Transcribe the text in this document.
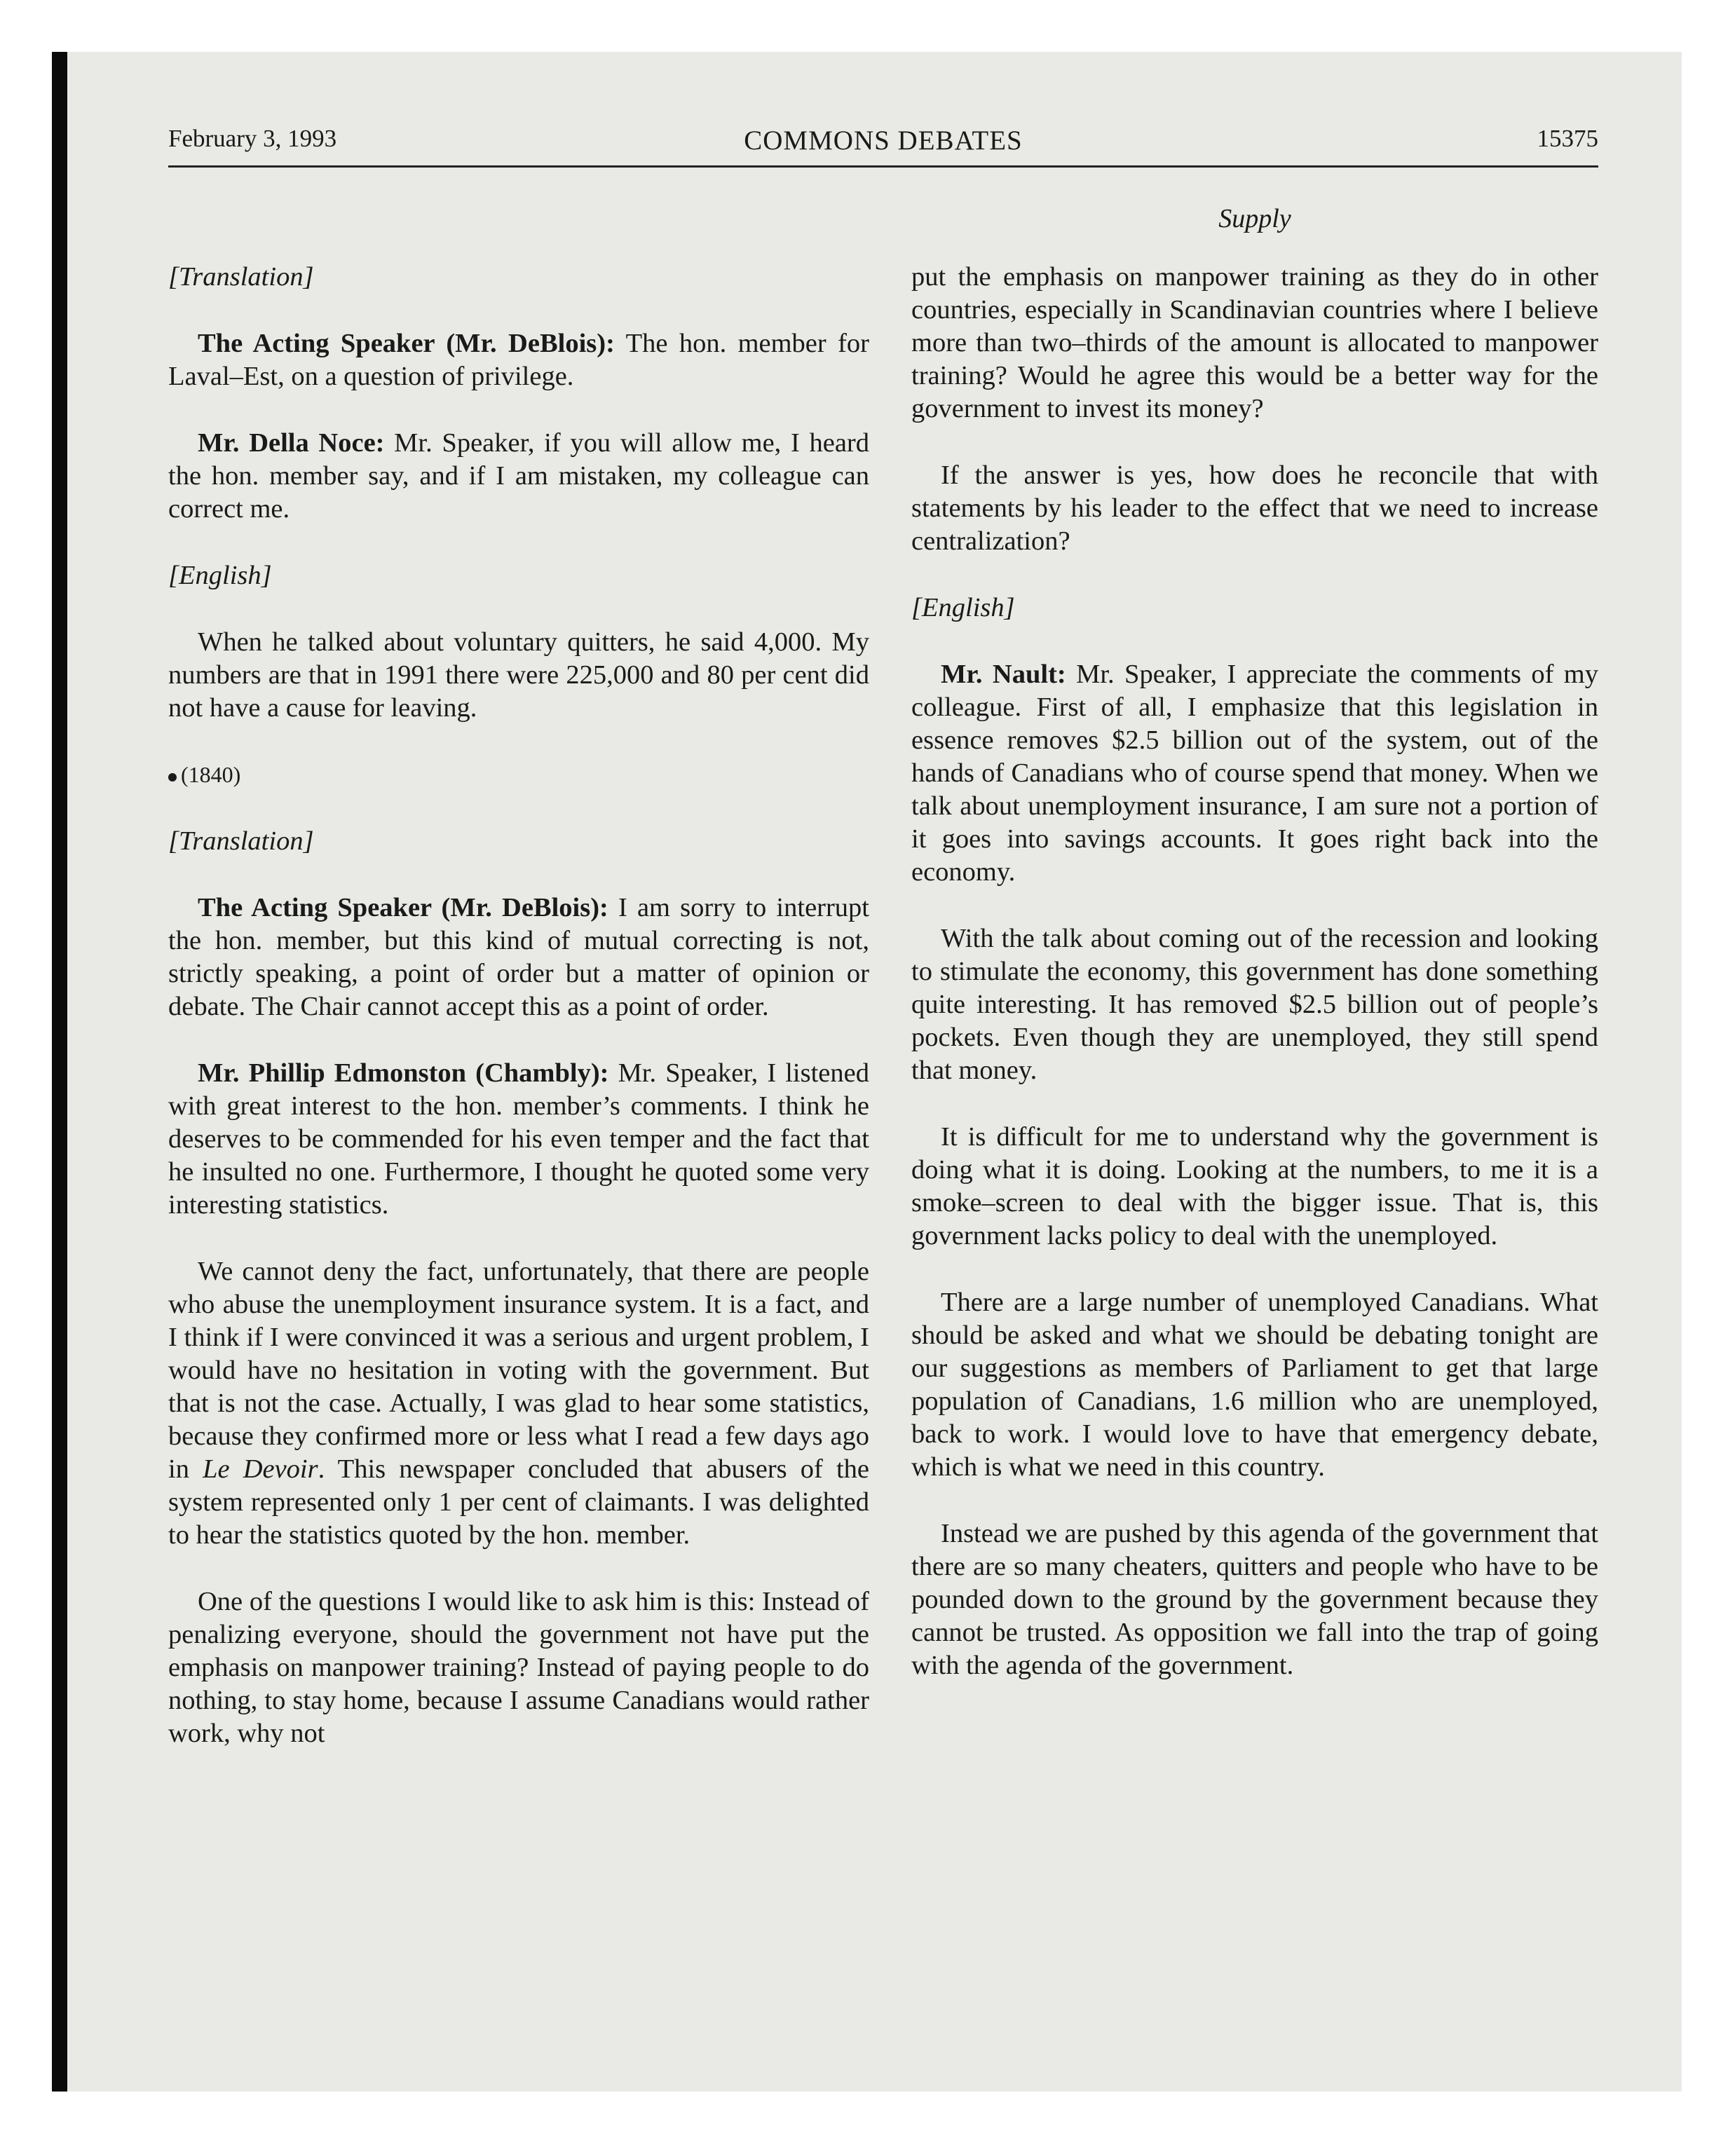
February 3, 1993	COMMONS DEBATES	15375
Supply
[Translation]

The Acting Speaker (Mr. DeBlois): The hon. member for Laval–Est, on a question of privilege.

Mr. Della Noce: Mr. Speaker, if you will allow me, I heard the hon. member say, and if I am mistaken, my colleague can correct me.

[English]

When he talked about voluntary quitters, he said 4,000. My numbers are that in 1991 there were 225,000 and 80 per cent did not have a cause for leaving.

(1840)
[Translation]

The Acting Speaker (Mr. DeBlois): I am sorry to interrupt the hon. member, but this kind of mutual correcting is not, strictly speaking, a point of order but a matter of opinion or debate. The Chair cannot accept this as a point of order.

Mr. Phillip Edmonston (Chambly): Mr. Speaker, I listened with great interest to the hon. member’s comments. I think he deserves to be commended for his even temper and the fact that he insulted no one. Furthermore, I thought he quoted some very interesting statistics.

We cannot deny the fact, unfortunately, that there are people who abuse the unemployment insurance system. It is a fact, and I think if I were convinced it was a serious and urgent problem, I would have no hesitation in voting with the government. But that is not the case. Actually, I was glad to hear some statistics, because they confirmed more or less what I read a few days ago in Le Devoir. This newspaper concluded that abusers of the system represented only 1 per cent of claimants. I was delighted to hear the statistics quoted by the hon. member.

One of the questions I would like to ask him is this: Instead of penalizing everyone, should the government not have put the emphasis on manpower training? Instead of paying people to do nothing, to stay home, because I assume Canadians would rather work, why not

put the emphasis on manpower training as they do in other countries, especially in Scandinavian countries where I believe more than two–thirds of the amount is allocated to manpower training? Would he agree this would be a better way for the government to invest its money?

If the answer is yes, how does he reconcile that with statements by his leader to the effect that we need to increase centralization?

[English]

Mr. Nault: Mr. Speaker, I appreciate the comments of my colleague. First of all, I emphasize that this legislation in essence removes $2.5 billion out of the system, out of the hands of Canadians who of course spend that money. When we talk about unemployment insurance, I am sure not a portion of it goes into savings accounts. It goes right back into the economy.

With the talk about coming out of the recession and looking to stimulate the economy, this government has done something quite interesting. It has removed $2.5 billion out of people’s pockets. Even though they are unemployed, they still spend that money.

It is difficult for me to understand why the government is doing what it is doing. Looking at the numbers, to me it is a smoke–screen to deal with the bigger issue. That is, this government lacks policy to deal with the unemployed.

There are a large number of unemployed Canadians. What should be asked and what we should be debating tonight are our suggestions as members of Parliament to get that large population of Canadians, 1.6 million who are unemployed, back to work. I would love to have that emergency debate, which is what we need in this country.

Instead we are pushed by this agenda of the government that there are so many cheaters, quitters and people who have to be pounded down to the ground by the government because they cannot be trusted. As opposition we fall into the trap of going with the agenda of the government.
